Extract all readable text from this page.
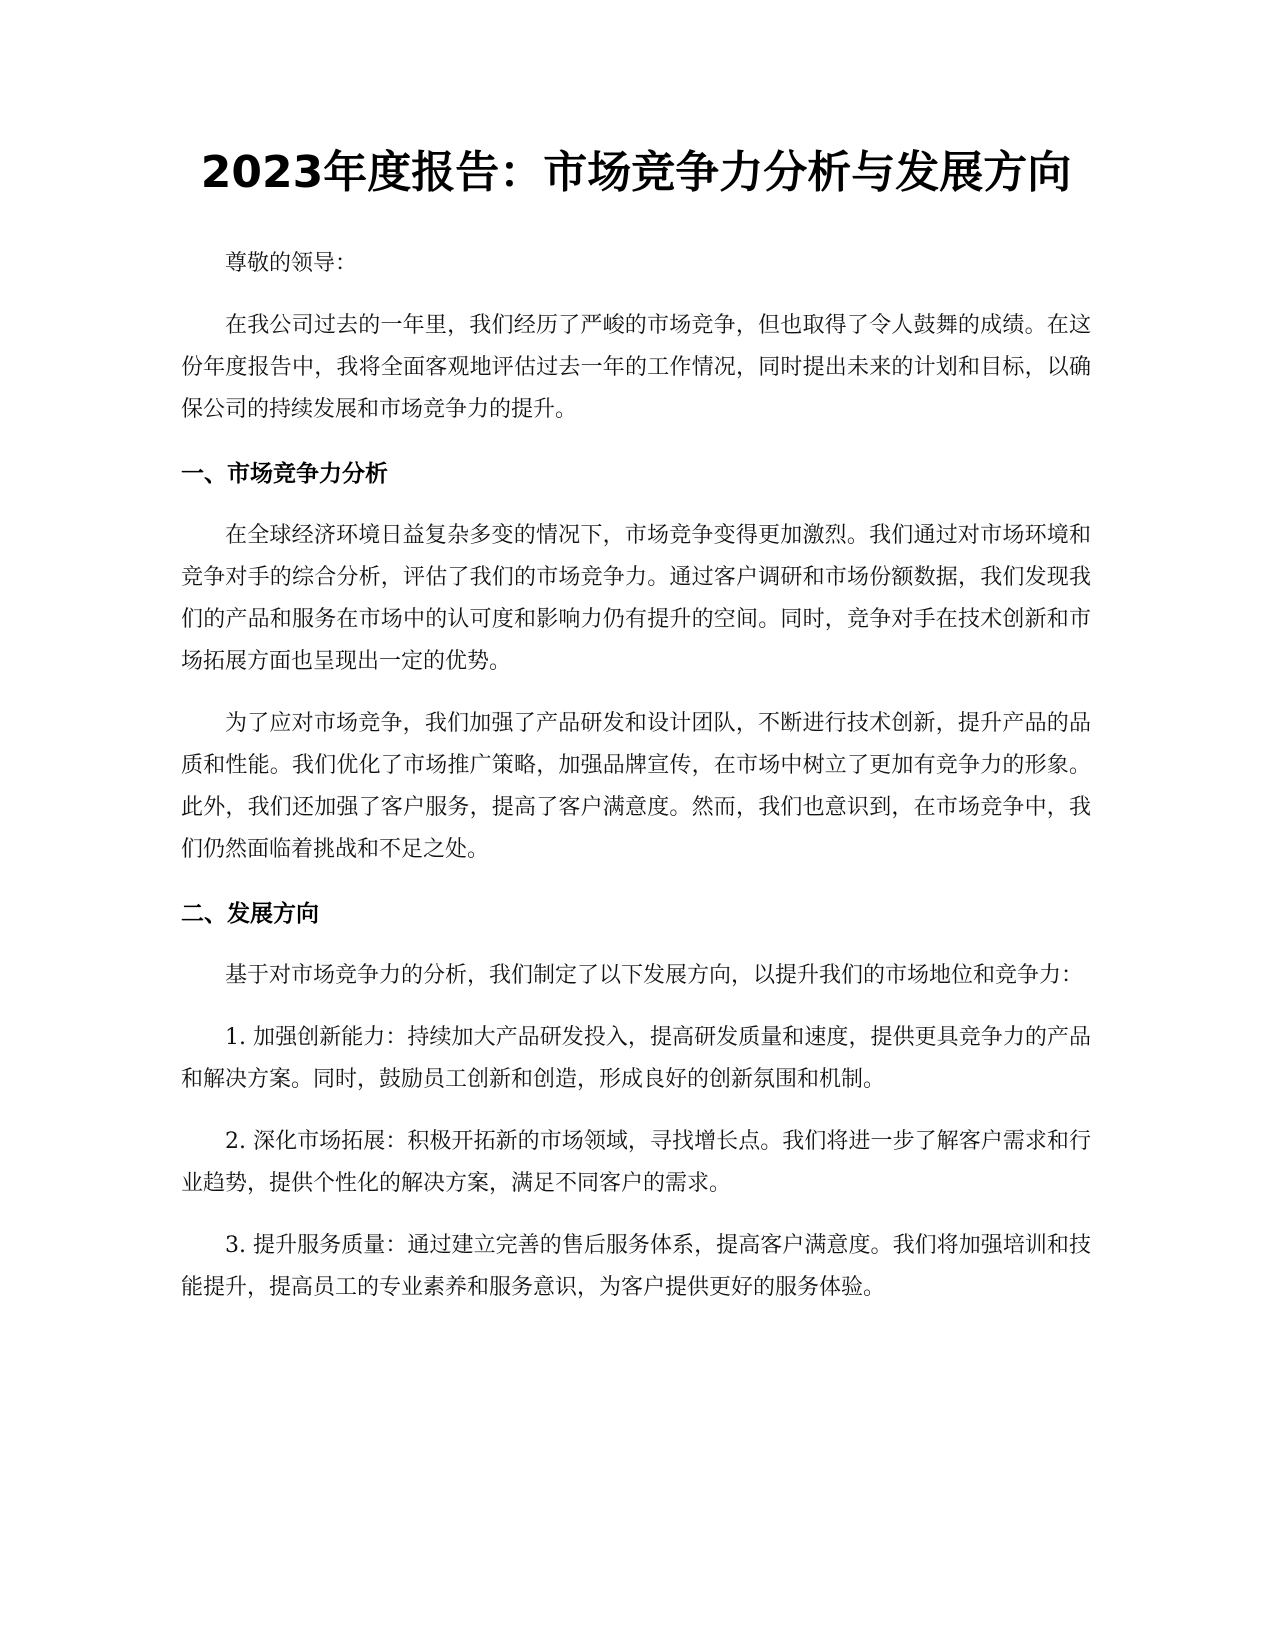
2023年度报告：市场竞争力分析与发展方向

尊敬的领导：

在我公司过去的一年里，我们经历了严峻的市场竞争，但也取得了令人鼓舞的成绩。在这份年度报告中，我将全面客观地评估过去一年的工作情况，同时提出未来的计划和目标，以确保公司的持续发展和市场竞争力的提升。

一、市场竞争力分析

在全球经济环境日益复杂多变的情况下，市场竞争变得更加激烈。我们通过对市场环境和竞争对手的综合分析，评估了我们的市场竞争力。通过客户调研和市场份额数据，我们发现我们的产品和服务在市场中的认可度和影响力仍有提升的空间。同时，竞争对手在技术创新和市场拓展方面也呈现出一定的优势。

为了应对市场竞争，我们加强了产品研发和设计团队，不断进行技术创新，提升产品的品质和性能。我们优化了市场推广策略，加强品牌宣传，在市场中树立了更加有竞争力的形象。此外，我们还加强了客户服务，提高了客户满意度。然而，我们也意识到，在市场竞争中，我们仍然面临着挑战和不足之处。

二、发展方向

基于对市场竞争力的分析，我们制定了以下发展方向，以提升我们的市场地位和竞争力：

1. 加强创新能力：持续加大产品研发投入，提高研发质量和速度，提供更具竞争力的产品和解决方案。同时，鼓励员工创新和创造，形成良好的创新氛围和机制。

2. 深化市场拓展：积极开拓新的市场领域，寻找增长点。我们将进一步了解客户需求和行业趋势，提供个性化的解决方案，满足不同客户的需求。

3. 提升服务质量：通过建立完善的售后服务体系，提高客户满意度。我们将加强培训和技能提升，提高员工的专业素养和服务意识，为客户提供更好的服务体验。
